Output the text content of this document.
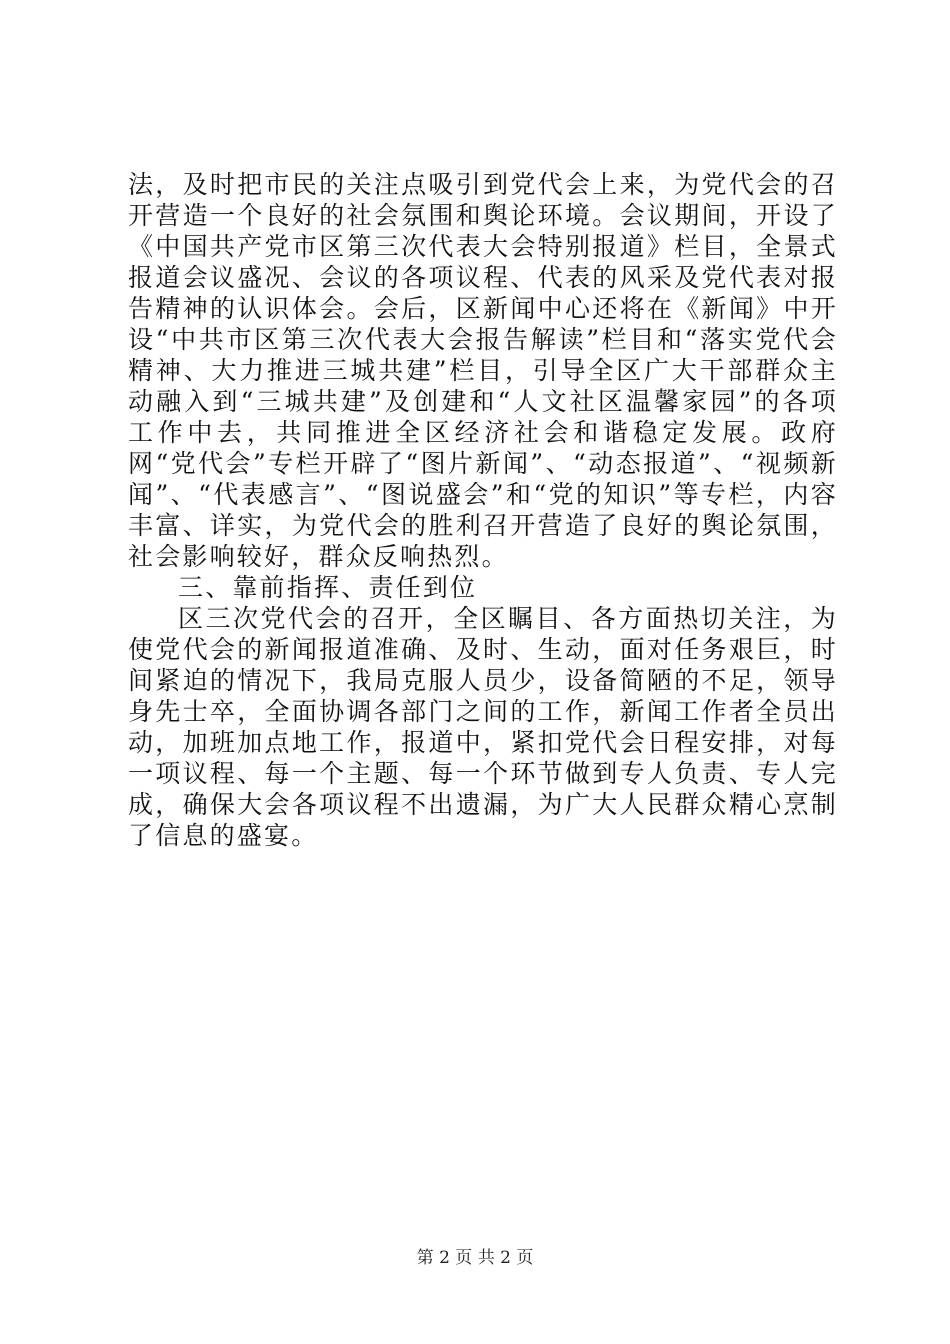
法，及时把市民的关注点吸引到党代会上来，为党代会的召开营造一个良好的社会氛围和舆论环境。会议期间，开设了《中国共产党市区第三次代表大会特别报道》栏目，全景式报道会议盛况、会议的各项议程、代表的风采及党代表对报告精神的认识体会。会后，区新闻中心还将在《新闻》中开设“中共市区第三次代表大会报告解读”栏目和“落实党代会精神、大力推进三城共建”栏目，引导全区广大干部群众主动融入到“三城共建”及创建和“人文社区温馨家园”的各项工作中去，共同推进全区经济社会和谐稳定发展。政府网“党代会”专栏开辟了“图片新闻”、“动态报道”、“视频新闻”、“代表感言”、“图说盛会”和“党的知识”等专栏，内容丰富、详实，为党代会的胜利召开营造了良好的舆论氛围，社会影响较好，群众反响热烈。

三、靠前指挥、责任到位

区三次党代会的召开，全区瞩目、各方面热切关注，为使党代会的新闻报道准确、及时、生动，面对任务艰巨，时间紧迫的情况下，我局克服人员少，设备简陋的不足，领导身先士卒，全面协调各部门之间的工作，新闻工作者全员出动，加班加点地工作，报道中，紧扣党代会日程安排，对每一项议程、每一个主题、每一个环节做到专人负责、专人完成，确保大会各项议程不出遗漏，为广大人民群众精心烹制了信息的盛宴。

第 2 页 共 2 页
